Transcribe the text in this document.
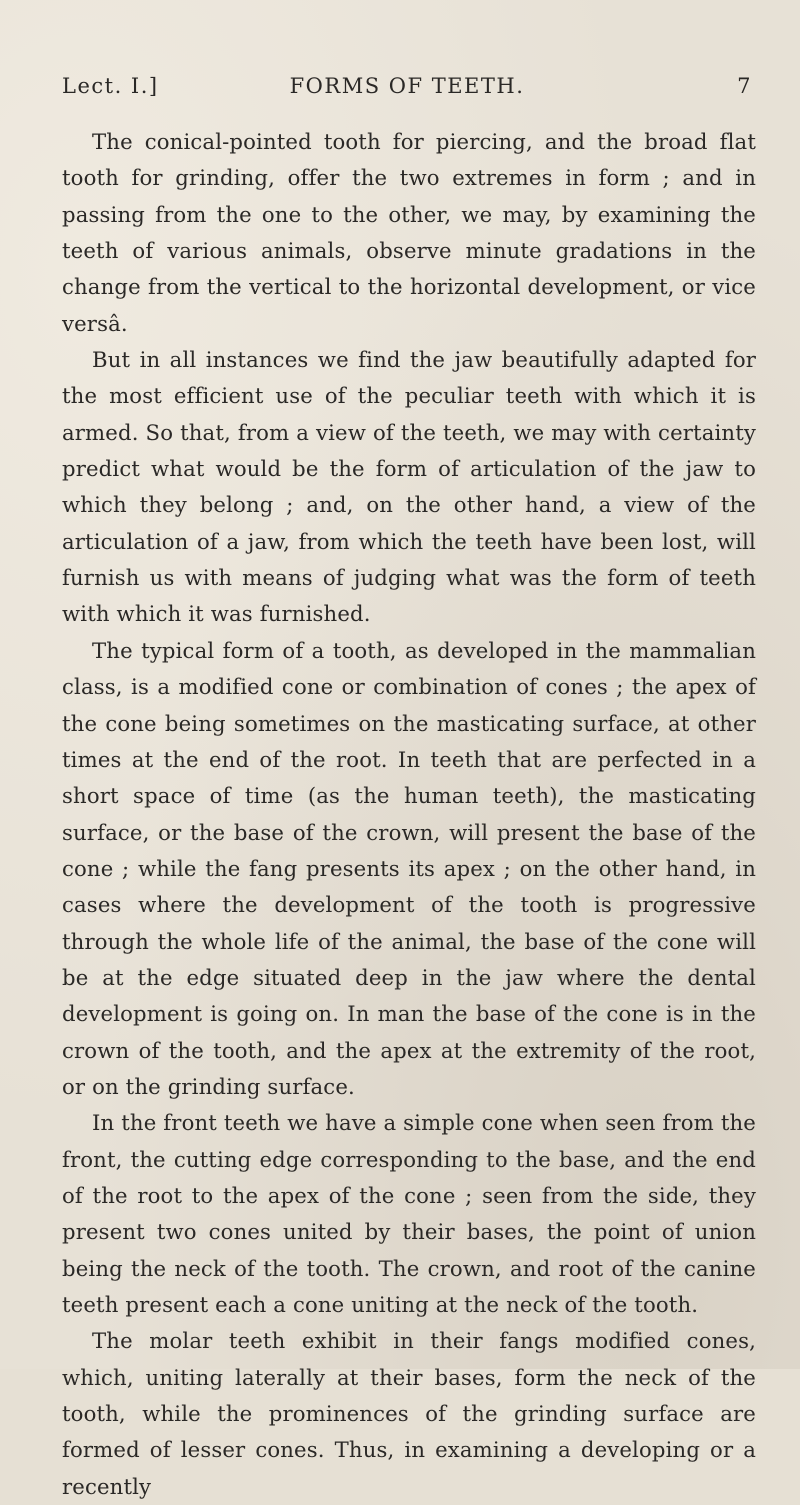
Lect. I.]	FORMS OF TEETH.	7

The conical-pointed tooth for piercing, and the broad flat tooth for grinding, offer the two extremes in form ; and in passing from the one to the other, we may, by examining the teeth of various animals, observe minute gradations in the change from the vertical to the horizontal development, or vice versâ.

But in all instances we find the jaw beautifully adapted for the most efficient use of the peculiar teeth with which it is armed. So that, from a view of the teeth, we may with certainty predict what would be the form of articulation of the jaw to which they belong ; and, on the other hand, a view of the articulation of a jaw, from which the teeth have been lost, will furnish us with means of judging what was the form of teeth with which it was furnished.

The typical form of a tooth, as developed in the mammalian class, is a modified cone or combination of cones ; the apex of the cone being sometimes on the masticating surface, at other times at the end of the root. In teeth that are perfected in a short space of time (as the human teeth), the masticating surface, or the base of the crown, will present the base of the cone ; while the fang presents its apex ; on the other hand, in cases where the development of the tooth is progressive through the whole life of the animal, the base of the cone will be at the edge situated deep in the jaw where the dental development is going on. In man the base of the cone is in the crown of the tooth, and the apex at the extremity of the root, or on the grinding surface.

In the front teeth we have a simple cone when seen from the front, the cutting edge corresponding to the base, and the end of the root to the apex of the cone ; seen from the side, they present two cones united by their bases, the point of union being the neck of the tooth. The crown, and root of the canine teeth present each a cone uniting at the neck of the tooth.

The molar teeth exhibit in their fangs modified cones, which, uniting laterally at their bases, form the neck of the tooth, while the prominences of the grinding surface are formed of lesser cones. Thus, in examining a developing or a recently
